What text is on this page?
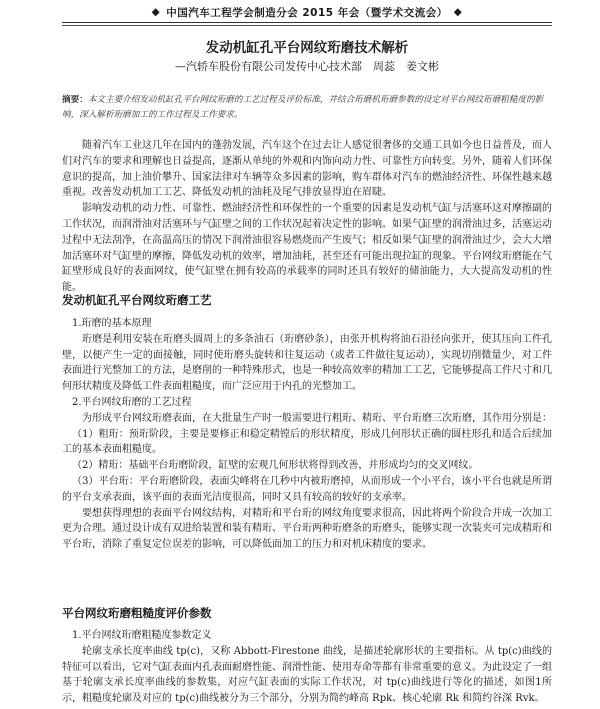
◆ 中国汽车工程学会制造分会 2015 年会（暨学术交流会） ◆
发动机缸孔平台网纹珩磨技术解析
—汽轿车股份有限公司发传中心技术部　周蕊　姜文彬
摘要：本文主要介绍发动机缸孔平台网纹珩磨的工艺过程及评价标准，并结合珩磨机珩磨参数的设定对平台网纹珩磨粗糙度的影响，深入解析珩磨加工的工作过程及工作要求。

随着汽车工业这几年在国内的蓬勃发展，汽车这个在过去让人感觉很奢侈的交通工具如今也日益普及，而人们对汽车的要求和理解也日益提高，逐渐从单纯的外观和内饰向动力性、可靠性方向转变。另外，随着人们环保意识的提高，加上油价攀升、国家法律对车辆等众多因素的影响，购车群体对汽车的燃油经济性、环保性越来越重视。改善发动机加工工艺、降低发动机的油耗及尾气排放显得迫在眉睫。

影响发动机的动力性、可靠性、燃油经济性和环保性的一个重要的因素是发动机气缸与活塞环这对摩擦副的工作状况，而润滑油对活塞环与气缸壁之间的工作状况起着决定性的影响。如果气缸壁的润滑油过多，活塞运动过程中无法刮净，在高温高压的情况下润滑油很容易燃烧而产生废气；相反如果气缸壁的润滑油过少，会大大增加活塞环对气缸壁的摩擦，降低发动机的效率，增加油耗，甚至还有可能出现拉缸的现象。平台网纹珩磨能在气缸壁形成良好的表面网纹，使气缸壁在拥有较高的承载率的同时还具有较好的储油能力，大大提高发动机的性能。

发动机缸孔平台网纹珩磨工艺

1.珩磨的基本原理

珩磨是利用安装在珩磨头圆周上的多条油石（珩磨砂条），由张开机构将油石沿径向张开，使其压向工件孔壁，以便产生一定的面接触，同时使珩磨头旋转和往复运动（或者工件做往复运动），实现切削微量少，对工件表面进行光整加工的方法，是磨削的一种特殊形式，也是一种较高效率的精加工工艺，它能够提高工件尺寸和几何形状精度及降低工件表面粗糙度，而广泛应用于内孔的光整加工。

2.平台网纹珩磨的工艺过程

为形成平台网纹珩磨表面，在大批量生产时一般需要进行粗珩、精珩、平台珩磨三次珩磨，其作用分别是：

（1）粗珩：预珩阶段，主要是要修正和稳定精镗后的形状精度，形成几何形状正确的圆柱形孔和适合后续加工的基本表面粗糙度。

（2）精珩：基础平台珩磨阶段，缸壁的宏观几何形状将得到改善，并形成均匀的交叉网纹。

（3）平台珩：平台珩磨阶段，表面尖峰将在几秒中内被珩磨掉，从而形成一个小平台，该小平台也就是所谓的平台支承表面，该平面的表面光洁度很高，同时又具有较高的较好的支承率。

要想获得理想的表面平台网纹结构，对精珩和平台珩的网纹角度要求很高，因此将两个阶段合并成一次加工更为合理。通过设计成有双进给装置和装有精珩、平台珩两种珩磨条的珩磨头，能够实现一次装夹可完成精珩和平台珩，消除了重复定位误差的影响，可以降低面加工的压力和对机床精度的要求。

平台网纹珩磨粗糙度评价参数

1.平台网纹珩磨粗糙度参数定义

轮廓支承长度率曲线 tp(c)，又称 Abbott-Firestone 曲线，是描述轮廓形状的主要指标。从 tp(c)曲线的特征可以看出，它对气缸表面内孔表面耐磨性能、润滑性能、使用寿命等都有非常重要的意义。为此设定了一组基于轮廓支承长度率曲线的参数集，对应气缸表面的实际工作状况，对 tp(c)曲线进行等化的描述，如图1所示，粗糙度轮廓及对应的 tp(c)曲线被分为三个部分，分别为简约峰高 Rpk、核心轮廓 Rk 和简约谷深 Rvk。
